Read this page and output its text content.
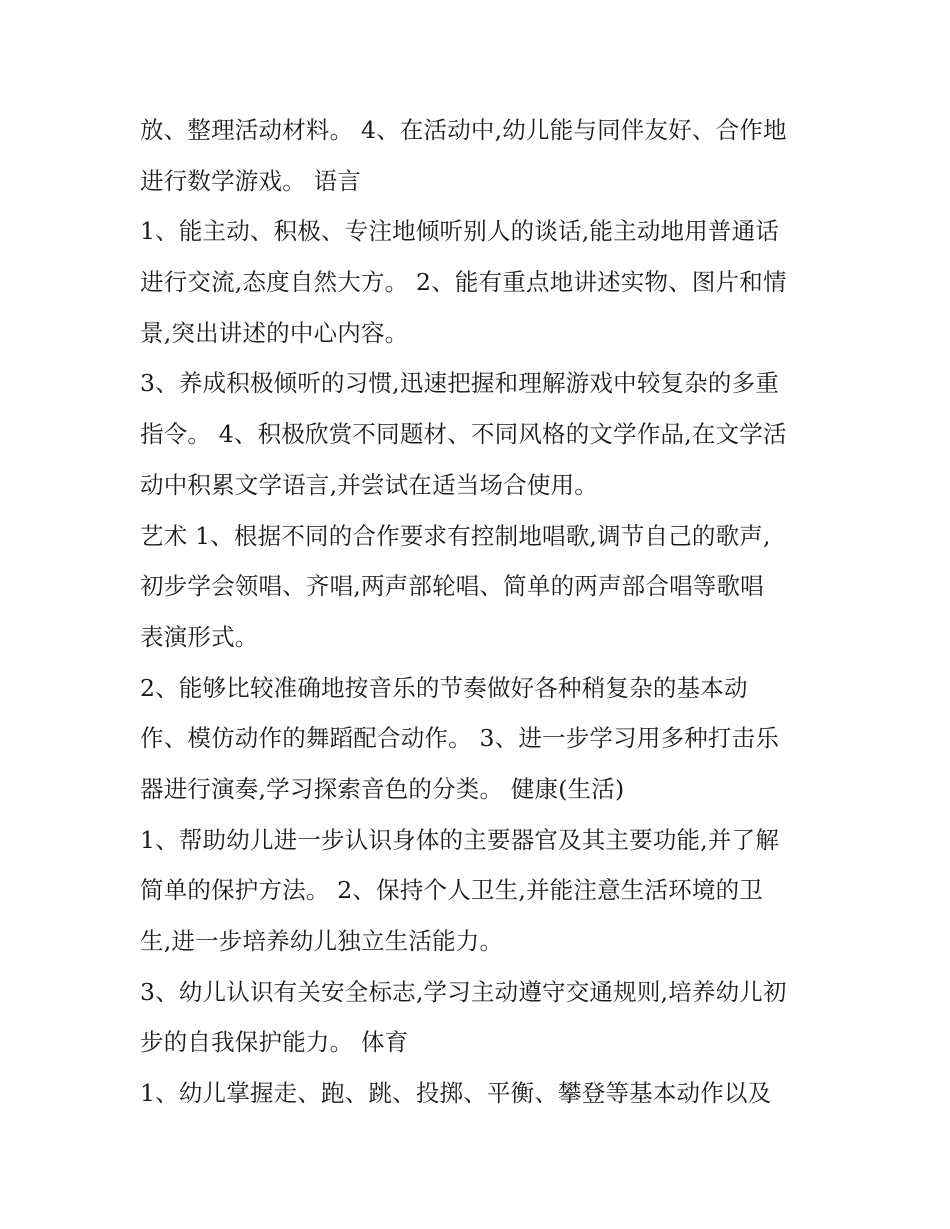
放、整理活动材料。 4、在活动中,幼儿能与同伴友好、合作地
进行数学游戏。 语言
1、能主动、积极、专注地倾听别人的谈话,能主动地用普通话
进行交流,态度自然大方。 2、能有重点地讲述实物、图片和情
景,突出讲述的中心内容。
3、养成积极倾听的习惯,迅速把握和理解游戏中较复杂的多重
指令。 4、积极欣赏不同题材、不同风格的文学作品,在文学活
动中积累文学语言,并尝试在适当场合使用。
艺术 1、根据不同的合作要求有控制地唱歌,调节自己的歌声,
初步学会领唱、齐唱,两声部轮唱、简单的两声部合唱等歌唱
表演形式。
2、能够比较准确地按音乐的节奏做好各种稍复杂的基本动
作、模仿动作的舞蹈配合动作。 3、进一步学习用多种打击乐
器进行演奏,学习探索音色的分类。 健康(生活)
1、帮助幼儿进一步认识身体的主要器官及其主要功能,并了解
简单的保护方法。 2、保持个人卫生,并能注意生活环境的卫
生,进一步培养幼儿独立生活能力。
3、幼儿认识有关安全标志,学习主动遵守交通规则,培养幼儿初
步的自我保护能力。 体育
1、幼儿掌握走、跑、跳、投掷、平衡、攀登等基本动作以及
